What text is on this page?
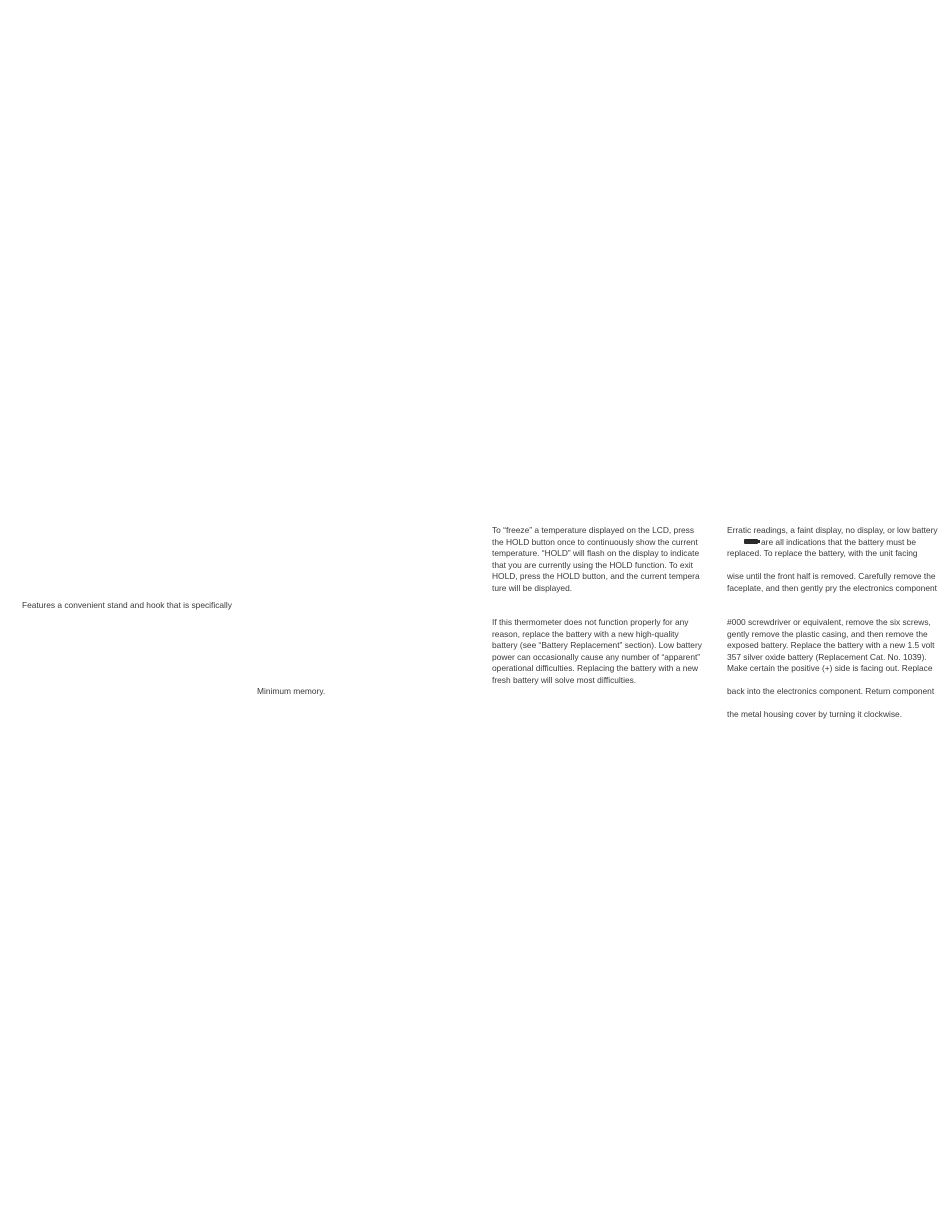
Features a convenient stand and hook that is specifically
Minimum memory.
To “freeze” a temperature displayed on the LCD, press
the HOLD button once to continuously show the current
temperature. “HOLD” will flash on the display to indicate
that you are currently using the HOLD function. To exit
HOLD, press the HOLD button, and the current tempera
ture will be displayed.
If this thermometer does not function properly for any
reason, replace the battery with a new high-quality
battery (see “Battery Replacement” section). Low battery
power can occasionally cause any number of “apparent”
operational difficulties. Replacing the battery with a new
fresh battery will solve most difficulties.
Erratic readings, a faint display, no display, or low battery
are all indications that the battery must be
replaced. To replace the battery, with the unit facing
wise until the front half is removed. Carefully remove the
faceplate, and then gently pry the electronics component
#000 screwdriver or equivalent, remove the six screws,
gently remove the plastic casing, and then remove the
exposed battery. Replace the battery with a new 1.5 volt
357 silver oxide battery (Replacement Cat. No. 1039).
Make certain the positive (+) side is facing out. Replace
back into the electronics component. Return component
the metal housing cover by turning it clockwise.
